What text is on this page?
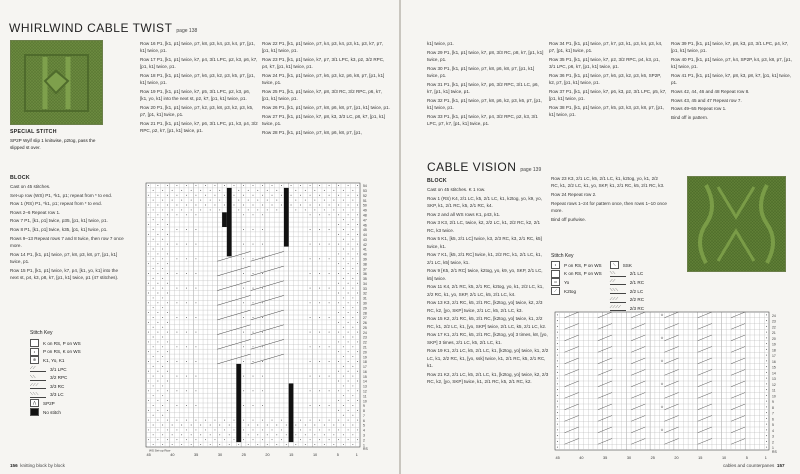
WHIRLWIND CABLE TWIST page 138
SPECIAL STITCH
SP2P Wyif slip 1 knitwise, p2tog, pass the slipped st over.
BLOCK

Cast on 45 stitches.

Set-up row (WS) P1, *k1, p1; repeat from * to end.

Row 1 (RS) P1, *k1, p1; repeat from * to end.

Rows 2–6 Repeat row 1.

Row 7 P1, [k1, p1] twice, p35, [p1, k1] twice, p1.

Row 8 P1, [k1, p1] twice, k35, [p1, k1] twice, p1.

Rows 9–13 Repeat rows 7 and 8 twice, then row 7 once more.

Row 14 P1, [k1, p1] twice, p7, k8, p3, k8, p7, [p1, k1] twice, p1.

Row 15 P1, [k1, p1] twice, k7, p4, [k1, yo, k1] into the next st, p4, k3, p8, k7, [p1, k1] twice, p1 (47 stitches).

Row 16 P1, [k1, p1] twice, p7, k8, p3, k4, p3, k4, p7, [p1, k1] twice, p1.

Row 17 P1, [k1, p1] twice, k7, p4, 3/1 LPC, p2, k3, p6, k7, [p1, k1] twice, p1.

Row 18 P1, [k1, p1] twice, p7, k6, p3, k2, p3, k5, p7, [p1, k1] twice, p1.

Row 19 P1, [k1, p1] twice, k7, p5, 3/1 LPC, p2, k3, p6, [k1, yo, k1] into the next st, p2, k7, [p1, k1] twice, p1.

Row 20 P1, [k1, p1] twice, p7, k2, p3, k8, p3, k2, p3, k5, p7, [p1, k1] twice, p1.

Row 21 P1, [k1, p1] twice, k7, p6, 3/1 LPC, p1, k3, p4, 3/2 RPC, p2, k7, [p1, k1] twice, p1.

Row 22 P1, [k1, p1] twice, p7, k4, p3, k4, p3, k1, p3, k7, p7, [p1, k1] twice, p1.

Row 23 P1, [k1, p1] twice, k7, p7, 3/1 LPC, k3, p2, 3/2 RPC, p4, k7, [p1, k1] twice, p1.

Row 24 P1, [k1, p1] twice, p7, k6, p3, k2, p6, k8, p7, [p1, k1] twice, p1.

Row 25 P1, [k1, p1] twice, k7, p8, 3/3 RC, 3/2 RPC, p6, k7, [p1, k1] twice, p1.

Row 26 P1, [k1, p1] twice, p7, k8, p6, k8, p7, [p1, k1] twice, p1.

Row 27 P1, [k1, p1] twice, k7, p8, k3, 3/3 LC, p8, k7, [p1, k1] twice, p1.

Row 28 P1, [k1, p1] twice, p7, k8, p6, k8, p7, [p1,

Stitch Key
K on RS, P on WS
•	P on RS, K on WS
⊕	K1, Yo, K1
⟋⟋	3/1 LPC
⟍⟍	3/2 RPC
⟋⟋⟋	3/3 RC
⟍⟍⟍	3/3 LC
⋀	SP2P
No stitch
WS Set-up Row
54
53
52
51
50
49
48
47
46
45
44
43
42
41
40
39
38
37
36
35
34
33
32
31
30
29
28
27
26
25
24
23
22
21
20
19
18
17
16
15
14
13
12
11
10
9
8
7
6
5
4
3
2
1
RS
45	40	35	30	25	20	15	10	5	1
156 knitting block by block

k1] twice, p1.

Row 29 P1, [k1, p1] twice, k7, p8, 3/3 RC, p8, k7, [p1, k1] twice, p1.

Row 30 P1, [k1, p1] twice, p7, k8, p6, k8, p7, [p1, k1] twice, p1.

Row 31 P1, [k1, p1] twice, k7, p6, 3/2 RPC, 3/1 LC, p6, k7, [p1, k1] twice, p1.

Row 32 P1, [k1, p1] twice, p7, k8, p6, k2, p3, k6, p7, [p1, k1] twice, p1.

Row 33 P1, [k1, p1] twice, k7, p4, 3/2 RPC, p2, k3, 3/1 LPC, p7, k7, [p1, k1] twice, p1.

Row 34 P1, [k1, p1] twice, p7, k7, p3, k1, p3, k4, p3, k4, p7, [p1, k1] twice, p1.

Row 35 P1, [k1, p1] twice, k7, p2, 3/2 RPC, p4, k3, p1, 3/1 LPC, p6, k7, [p1, k1] twice, p1.

Row 36 P1, [k1, p1] twice, p7, k6, p3, k2, p3, k6, SP2P, k2, p7, [p1, k1] twice, p1.

Row 37 P1, [k1, p1] twice, k7, p6, k3, p2, 3/1 LPC, p5, k7, [p1, k1] twice, p1.

Row 38 P1, [k1, p1] twice, p7, k5, p3, k3, p3, k8, p7, [p1, k1] twice, p1.

Row 39 P1, [k1, p1] twice, k7, p8, k3, p3, 3/1 LPC, p4, k7, [p1, k1] twice, p1.

Row 40 P1, [k1, p1] twice, p7, k4, SP2P, k4, p3, k8, p7, [p1, k1] twice, p1.

Row 41 P1, [k1, p1] twice, k7, p8, k3, p8, k7, [p1, k1] twice, p1.

Rows 42, 44, 46 and 48 Repeat row 8.

Rows 43, 45 and 47 Repeat row 7.

Rows 49–55 Repeat row 1.

Bind off in pattern.

CABLE VISION page 139
BLOCK

Cast on 45 stitches. K 1 row.

Row 1 (RS) K4, 2/1 LC, k5, 2/1 LC, k1, k2tog, yo, k9, yo, SKP, k1, 2/1 RC, k5, 2/1 RC, k4.

Row 2 and all WS rows K1, p43, k1.

Row 3 K3, 2/1 LC, twice, k2, 2/2 LC, k1, 2/2 RC, k2, 2/1 RC, k3 twice.

Row 5 K1, [k5, 2/1 LC] twice, k3, 2/3 RC, k3, 2/1 RC, k5] twice, k1.

Row 7 K1, [k5, 2/1 RC] twice, k1, 2/2 RC, k1, 2/1 LC, k1, 2/1 LC, k5] twice, k1.

Row 9 [K5, 2/1 RC] twice, k2tog, yo, k9, yo, SKP, 2/1 LC, k5] twice.

Row 11 K4, 2/1 RC, k5, 2/1 RC, k2tog, yo, k1, 2/2 LC, k1, 2/2 RC, k1, yo, SKP, 2/1 LC, k5, 2/1 LC, k4.

Row 13 K3, 2/1 RC, k5, 2/1 RC, [k2tog, yo] twice, k2, 2/3 RC, k2, [yo, SKP] twice, 2/1 LC, k5, 2/1 LC, k3.

Row 15 K2, 2/1 RC, k5, 2/1 RC, [k2tog, yo] twice, k1, 2/2 RC, k1, 2/2 LC, k1, [yo, SKP] twice, 2/1 LC, k5, 2/1 LC, k2.

Row 17 K1, 2/1 RC, k5, 2/1 RC, [k2tog, yo] 3 times, k8, [yo, SKP] 3 times, 2/1 LC, k5, 2/1 LC, k1.

Row 19 K1, 2/1 LC, k5, 2/1 LC, k1, [k2tog, yo] twice, k1, 2/2 LC, k1, 2/2 RC, k1, [yo, ssk] twice, k1, 2/1 RC, k5, 2/1 RC, k1.

Row 21 K2, 2/1 LC, k5, 2/1 LC, k1, [k2tog, yo] twice, k2, 2/3 RC, k2, [yo, SKP] twice, k1, 2/1 RC, k5, 2/1 RC, k2.

Row 23 K3, 2/1 LC, k5, 2/1 LC, k1, k2tog, yo, k1, 2/2 RC, k1, 2/2 LC, k1, yo, SKP, k1, 2/1 RC, k5, 2/1 RC, k3.

Row 24 Repeat row 2.

Repeat rows 1–24 for pattern once, then rows 1–10 once more.

Bind off purlwise.

Stitch Key
•	P on RS, P on WS
K on RS, P on WS
o	Yo
⟋	K2tog
⟍	SSK
⟍⟍	2/1 LC
⟋⟋	2/1 RC
⟍⟍⟍	2/2 LC
⟋⟋⟋	2/2 RC
⟋⟋⟋⟋	2/3 RC
24
23
22
21
20
19
18
17
16
15
14
13
12
11
10
9
8
7
6
5
4
3
2
1
RS
45	40	35	30	25	20	15	10	5	1
cables and counterpanes 157
